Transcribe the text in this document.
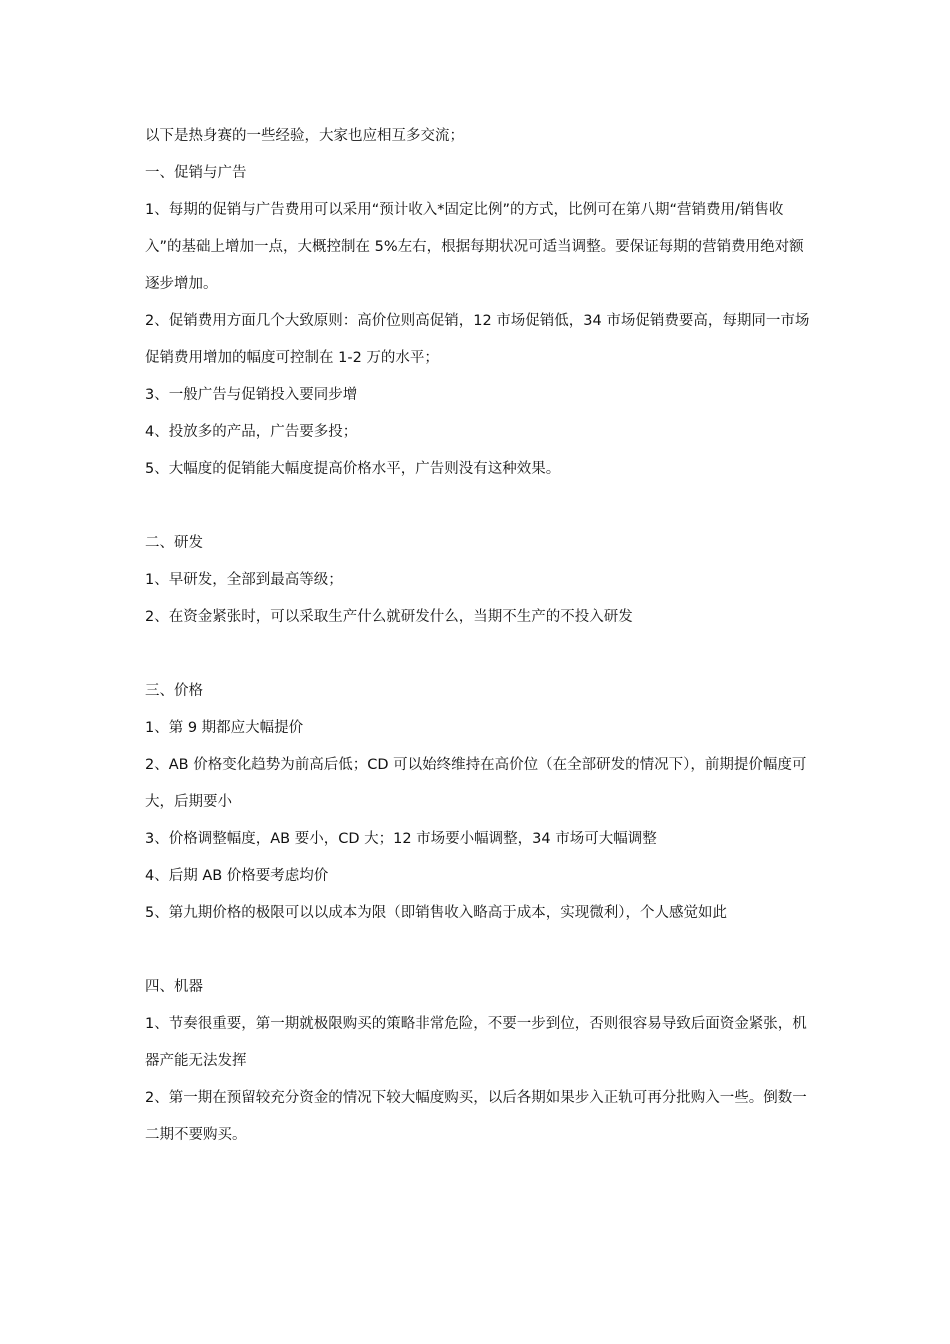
以下是热身赛的一些经验，大家也应相互多交流；

一、促销与广告

1、每期的促销与广告费用可以采用“预计收入*固定比例”的方式，比例可在第八期“营销费用/销售收入”的基础上增加一点，大概控制在 5%左右，根据每期状况可适当调整。要保证每期的营销费用绝对额逐步增加。

2、促销费用方面几个大致原则：高价位则高促销，12 市场促销低，34 市场促销费要高，每期同一市场促销费用增加的幅度可控制在 1-2 万的水平；

3、一般广告与促销投入要同步增

4、投放多的产品，广告要多投；

5、大幅度的促销能大幅度提高价格水平，广告则没有这种效果。

二、研发

1、早研发，全部到最高等级；

2、在资金紧张时，可以采取生产什么就研发什么，当期不生产的不投入研发

三、价格

1、第 9 期都应大幅提价

2、AB 价格变化趋势为前高后低；CD 可以始终维持在高价位（在全部研发的情况下），前期提价幅度可大，后期要小

3、价格调整幅度，AB 要小，CD 大；12 市场要小幅调整，34 市场可大幅调整

4、后期 AB 价格要考虑均价

5、第九期价格的极限可以以成本为限（即销售收入略高于成本，实现微利），个人感觉如此

四、机器

1、节奏很重要，第一期就极限购买的策略非常危险，不要一步到位，否则很容易导致后面资金紧张，机器产能无法发挥

2、第一期在预留较充分资金的情况下较大幅度购买，以后各期如果步入正轨可再分批购入一些。倒数一二期不要购买。
